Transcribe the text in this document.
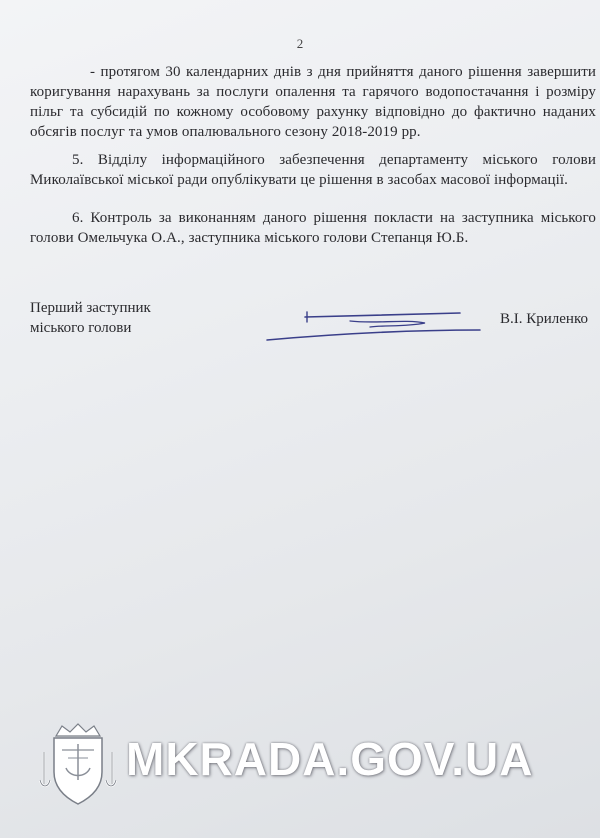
2

- протягом 30 календарних днів з дня прийняття даного рішення завершити коригування нарахувань за послуги опалення та гарячого водопостачання і розміру пільг та субсидій по кожному особовому рахунку відповідно до фактично наданих обсягів послуг та умов опалювального сезону 2018-2019 рр.

5. Відділу інформаційного забезпечення департаменту міського голови Миколаївської міської ради опублікувати це рішення в засобах масової інформації.

6. Контроль за виконанням даного рішення покласти на заступника міського голови Омельчука О.А., заступника міського голови Степанця Ю.Б.

Перший заступник
міського голови
В.І. Криленко
MKRADA.GOV.UA
